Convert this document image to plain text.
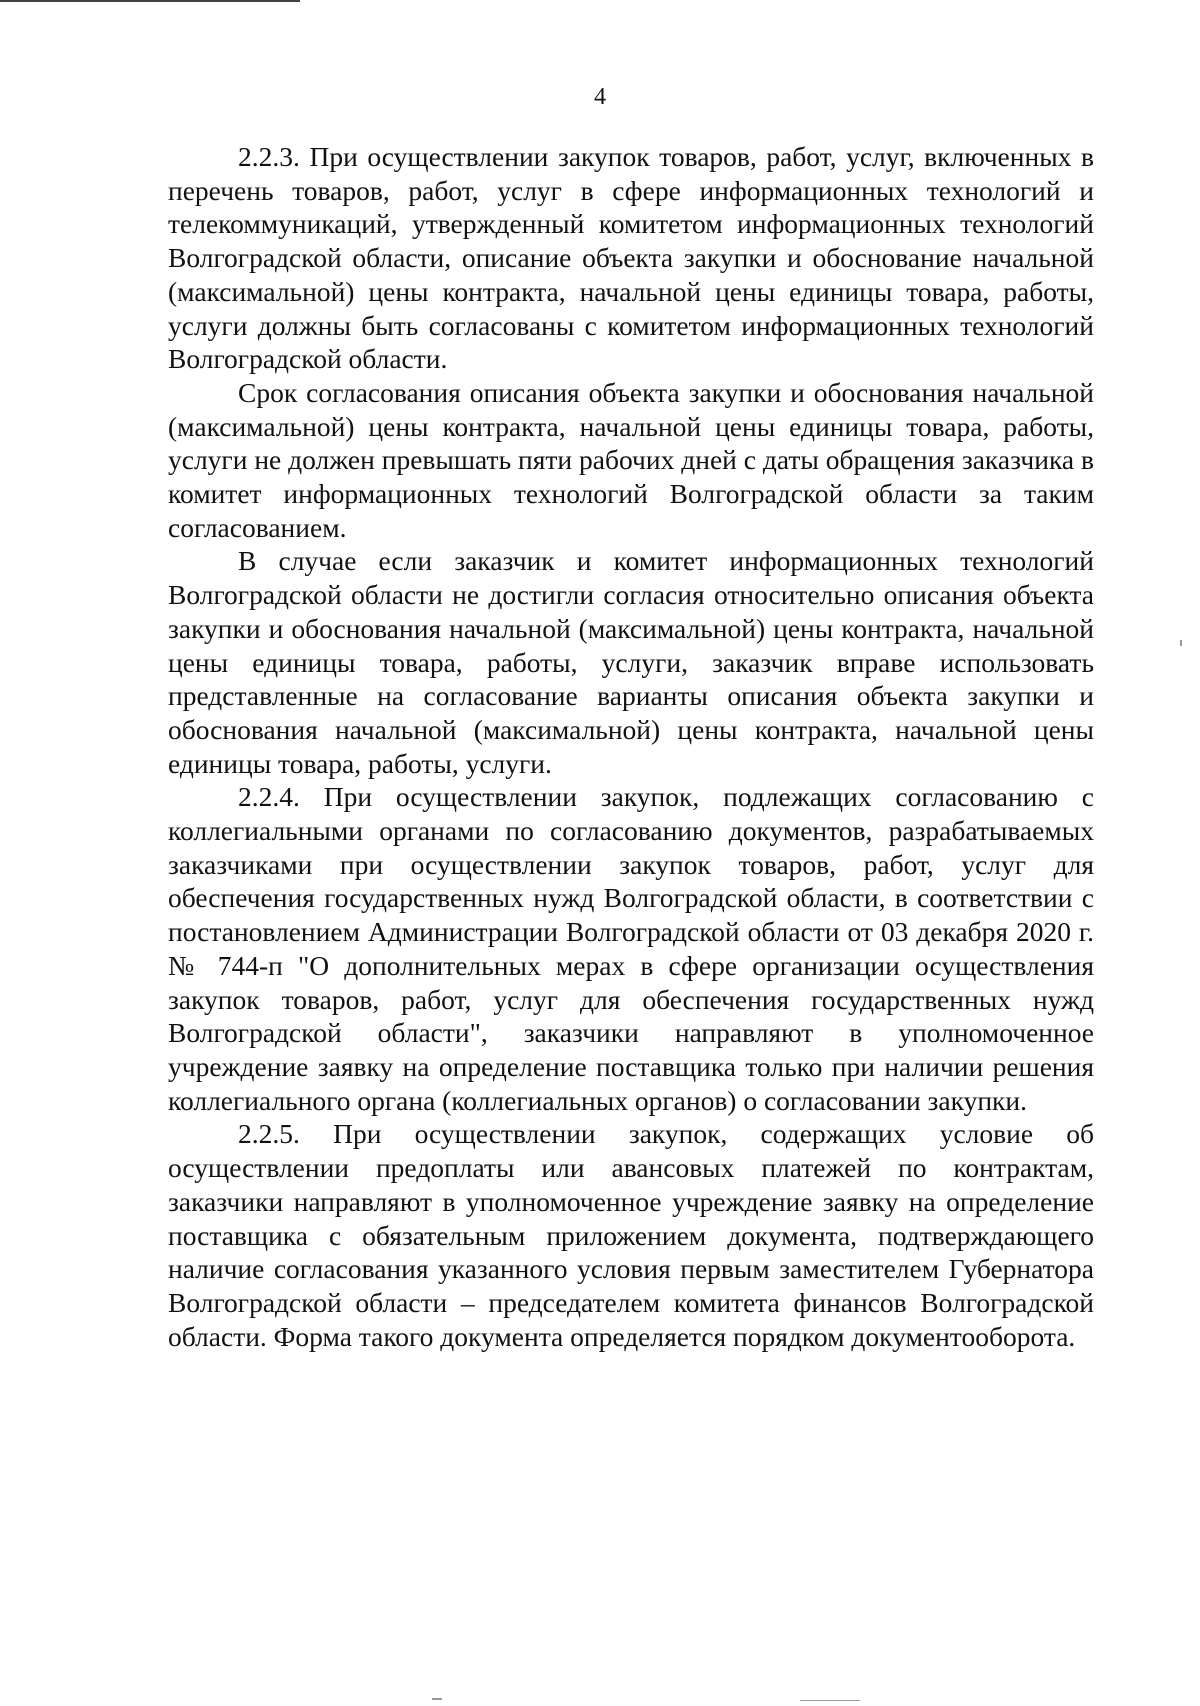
4

2.2.3. При осуществлении закупок товаров, работ, услуг, включенных в перечень товаров, работ, услуг в сфере информационных технологий и телекоммуникаций, утвержденный комитетом информационных технологий Волгоградской области, описание объекта закупки и обоснование начальной (максимальной) цены контракта, начальной цены единицы товара, работы, услуги должны быть согласованы с комитетом информационных технологий Волгоградской области.

Срок согласования описания объекта закупки и обоснования начальной (максимальной) цены контракта, начальной цены единицы товара, работы, услуги не должен превышать пяти рабочих дней с даты обращения заказчика в комитет информационных технологий Волгоградской области за таким согласованием.

В случае если заказчик и комитет информационных технологий Волгоградской области не достигли согласия относительно описания объекта закупки и обоснования начальной (максимальной) цены контракта, начальной цены единицы товара, работы, услуги, заказчик вправе использовать представленные на согласование варианты описания объекта закупки и обоснования начальной (максимальной) цены контракта, начальной цены единицы товара, работы, услуги.

2.2.4. При осуществлении закупок, подлежащих согласованию с коллегиальными органами по согласованию документов, разрабатываемых заказчиками при осуществлении закупок товаров, работ, услуг для обеспечения государственных нужд Волгоградской области, в соответствии с постановлением Администрации Волгоградской области от 03 декабря 2020 г. № 744-п "О дополнительных мерах в сфере организации осуществления закупок товаров, работ, услуг для обеспечения государственных нужд Волгоградской области", заказчики направляют в уполномоченное учреждение заявку на определение поставщика только при наличии решения коллегиального органа (коллегиальных органов) о согласовании закупки.

2.2.5. При осуществлении закупок, содержащих условие об осуществлении предоплаты или авансовых платежей по контрактам, заказчики направляют в уполномоченное учреждение заявку на определение поставщика с обязательным приложением документа, подтверждающего наличие согласования указанного условия первым заместителем Губернатора Волгоградской области – председателем комитета финансов Волгоградской области. Форма такого документа определяется порядком документооборота.
